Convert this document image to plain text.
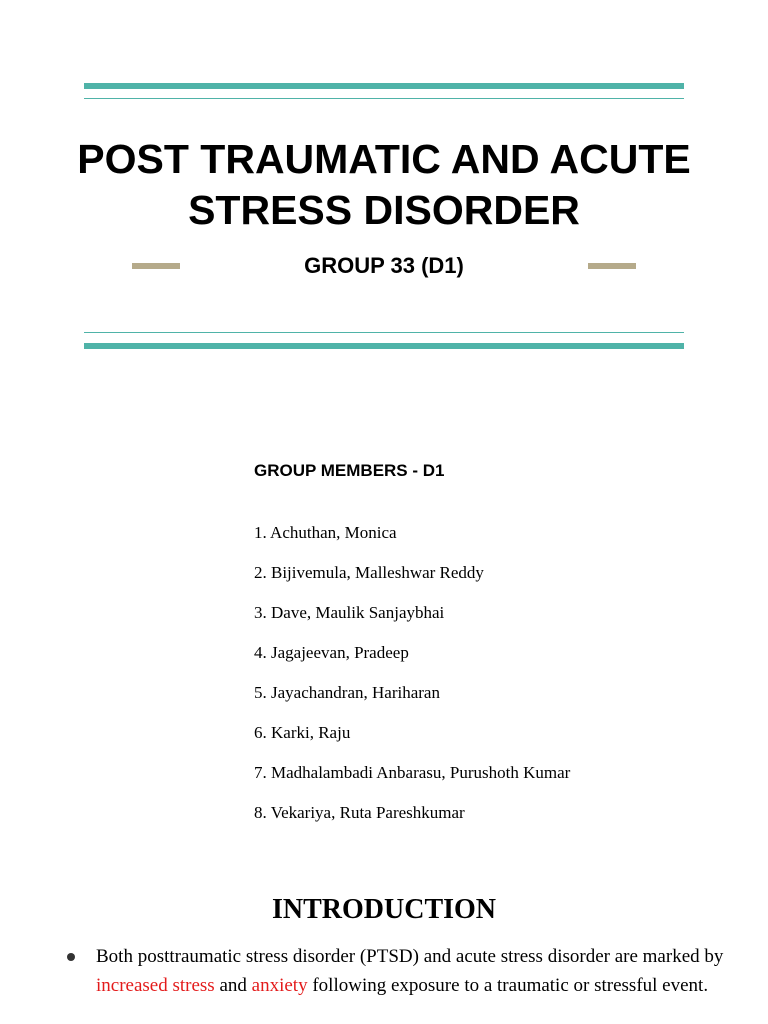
POST TRAUMATIC AND ACUTE
STRESS DISORDER
GROUP 33 (D1)
GROUP MEMBERS - D1
1. Achuthan, Monica
2. Bijivemula, Malleshwar Reddy
3. Dave, Maulik Sanjaybhai
4. Jagajeevan, Pradeep
5. Jayachandran, Hariharan
6. Karki, Raju
7. Madhalambadi Anbarasu, Purushoth Kumar
8. Vekariya, Ruta Pareshkumar
INTRODUCTION

Both posttraumatic stress disorder (PTSD) and acute stress disorder are marked by increased stress and anxiety following exposure to a traumatic or stressful event.
